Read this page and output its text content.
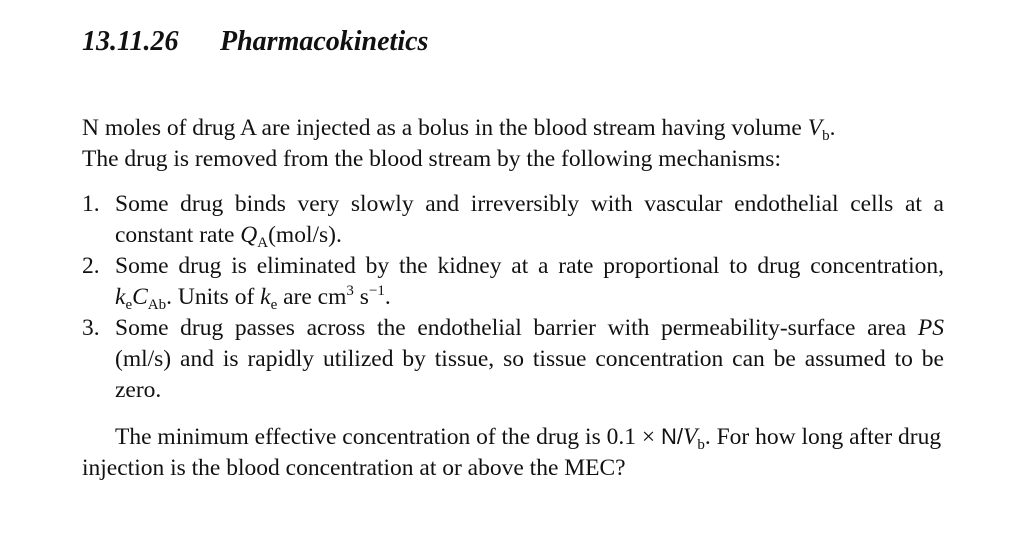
13.11.26 Pharmacokinetics

N moles of drug A are injected as a bolus in the blood stream having volume $V_b$.
The drug is removed from the blood stream by the following mechanisms:

1. Some drug binds very slowly and irreversibly with vascular endothelial cells at a constant rate $Q_A(mol/s)$.
2. Some drug is eliminated by the kidney at a rate proportional to drug concentration, $k_eC_{Ab}$. Units of $k_e$ are $cm^3$ $s^{-1}$.
3. Some drug passes across the endothelial barrier with permeability-surface area PS (ml/s) and is rapidly utilized by tissue, so tissue concentration can be assumed to be zero.

The minimum effective concentration of the drug is $0.1 \times N/V_b$. For how long after drug injection is the blood concentration at or above the MEC?
